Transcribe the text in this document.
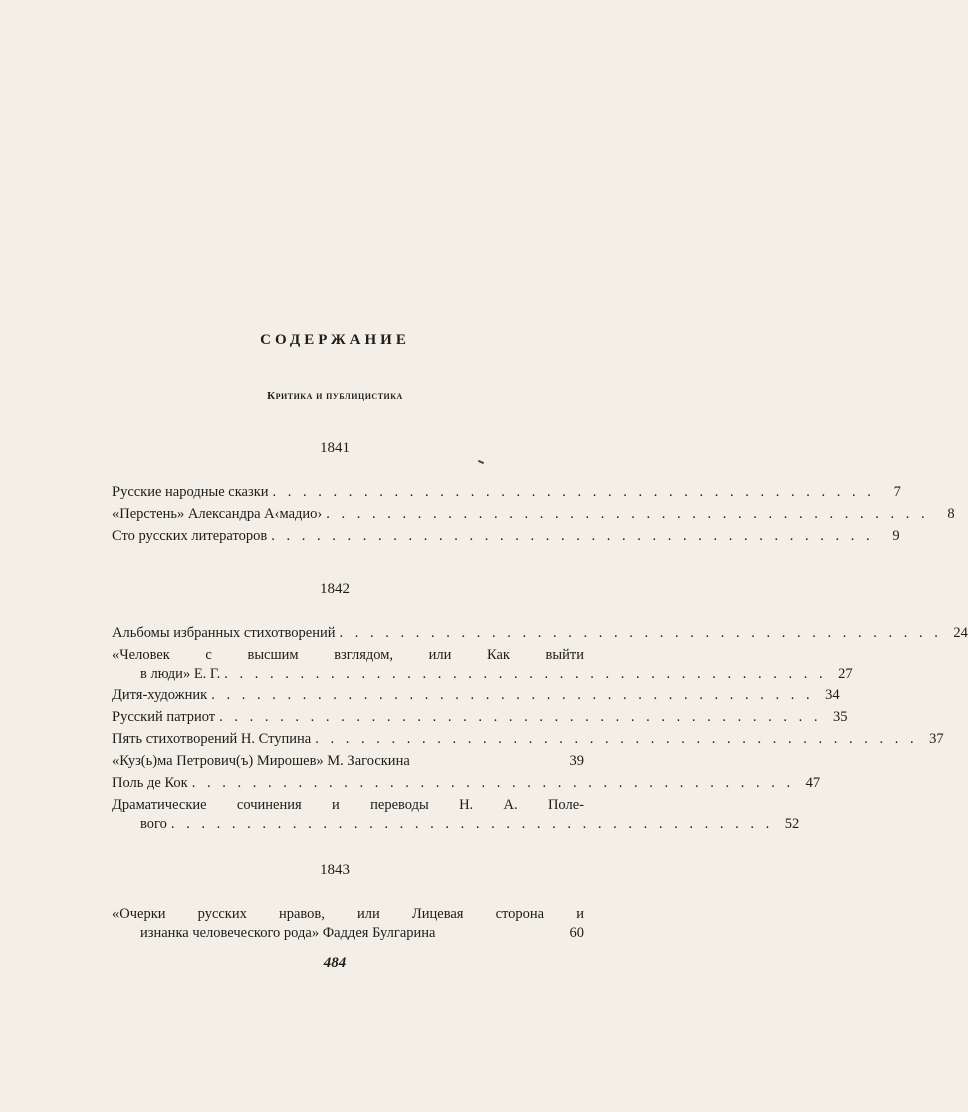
СОДЕРЖАНИЕ
Критика и публицистика
1841
Русские народные сказки . . . . . . . . . . . . . . . . . . . . . . . . . . . . . . . . . . . . . . . .	7
«Перстень» Александра А‹мадио› . . . . . . . . . . . . . . . . . . . . . . . . . . . . . . . . . . . . . . . .	8
Сто русских литераторов . . . . . . . . . . . . . . . . . . . . . . . . . . . . . . . . . . . . . . . .	9
1842
Альбомы избранных стихотворений . . . . . . . . . . . . . . . . . . . . . . . . . . . . . . . . . . . . . . . . 24
«Человек с высшим взглядом, или Как выйти
в люди» Е. Г. . . . . . . . . . . . . . . . . . . . . . . . . . . . . . . . . . . . . . . . . 27
Дитя-художник . . . . . . . . . . . . . . . . . . . . . . . . . . . . . . . . . . . . . . . . 34
Русский патриот . . . . . . . . . . . . . . . . . . . . . . . . . . . . . . . . . . . . . . . . 35
Пять стихотворений Н. Ступина . . . . . . . . . . . . . . . . . . . . . . . . . . . . . . . . . . . . . . . . 37
«Куз(ь)ма Петрович(ъ) Мирошев» М. Загоскина	39
Поль де Кок . . . . . . . . . . . . . . . . . . . . . . . . . . . . . . . . . . . . . . . . 47
Драматические сочинения и переводы Н. А. Поле-
вого . . . . . . . . . . . . . . . . . . . . . . . . . . . . . . . . . . . . . . . . 52
1843
«Очерки русских нравов, или Лицевая сторона и
изнанка человеческого рода» Фаддея Булгарина	60
484
